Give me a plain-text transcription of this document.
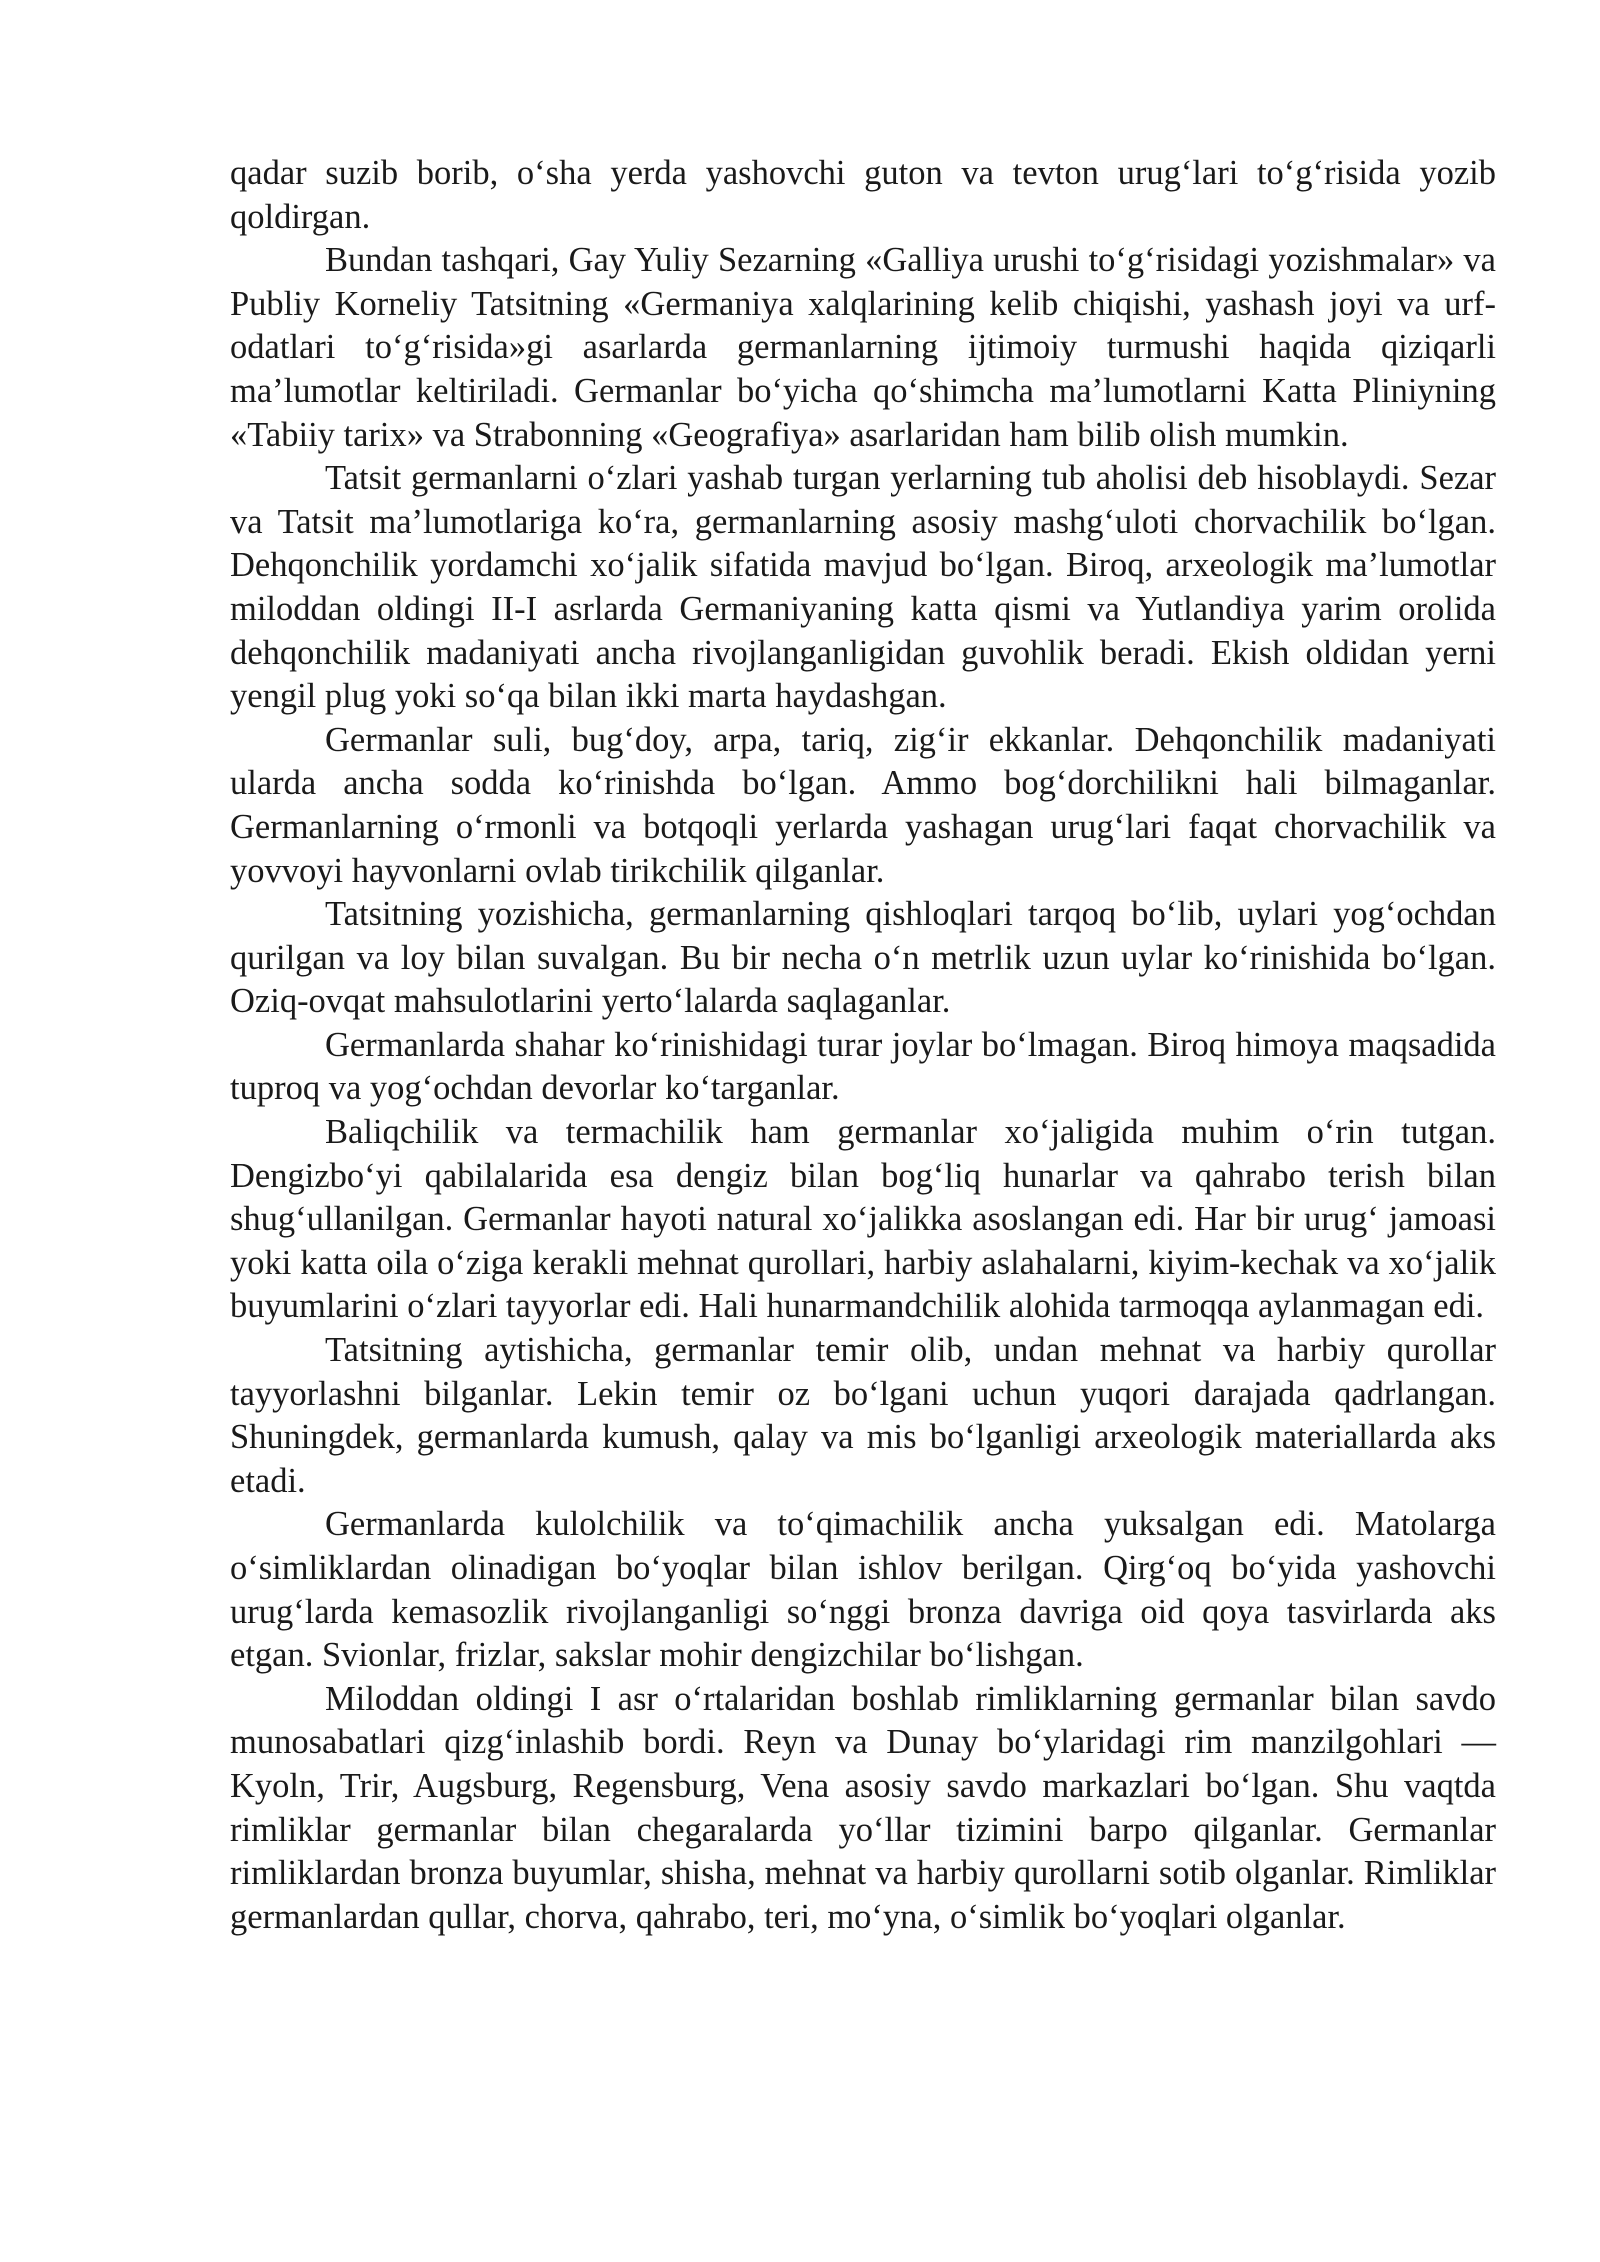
qadar suzib borib, o‘sha yerda yashovchi guton va tevton urug‘lari to‘g‘risida yozib qoldirgan.

Bundan tashqari, Gay Yuliy Sezarning «Galliya urushi to‘g‘risidagi yozishmalar» va Publiy Korneliy Tatsitning «Germaniya xalqlarining kelib chiqishi, yashash joyi va urf-odatlari to‘g‘risida»gi asarlarda germanlarning ijtimoiy turmushi haqida qiziqarli ma’lumotlar keltiriladi. Germanlar bo‘yicha qo‘shimcha ma’lumotlarni Katta Pliniyning «Tabiiy tarix» va Strabonning «Geografiya» asarlaridan ham bilib olish mumkin.

Tatsit germanlarni o‘zlari yashab turgan yerlarning tub aholisi deb hisoblaydi. Sezar va Tatsit ma’lumotlariga ko‘ra, germanlarning asosiy mashg‘uloti chorvachilik bo‘lgan. Dehqonchilik yordamchi xo‘jalik sifatida mavjud bo‘lgan. Biroq, arxeologik ma’lumotlar miloddan oldingi II-I asrlarda Germaniyaning katta qismi va Yutlandiya yarim orolida dehqonchilik madaniyati ancha rivojlanganligidan guvohlik beradi. Ekish oldidan yerni yengil plug yoki so‘qa bilan ikki marta haydashgan.

Germanlar suli, bug‘doy, arpa, tariq, zig‘ir ekkanlar. Dehqonchilik madaniyati ularda ancha sodda ko‘rinishda bo‘lgan. Ammo bog‘dorchilikni hali bilmaganlar. Germanlarning o‘rmonli va botqoqli yerlarda yashagan urug‘lari faqat chorvachilik va yovvoyi hayvonlarni ovlab tirikchilik qilganlar.

Tatsitning yozishicha, germanlarning qishloqlari tarqoq bo‘lib, uylari yog‘ochdan qurilgan va loy bilan suvalgan. Bu bir necha o‘n metrlik uzun uylar ko‘rinishida bo‘lgan. Oziq-ovqat mahsulotlarini yerto‘lalarda saqlaganlar.

Germanlarda shahar ko‘rinishidagi turar joylar bo‘lmagan. Biroq himoya maqsadida tuproq va yog‘ochdan devorlar ko‘targanlar.

Baliqchilik va termachilik ham germanlar xo‘jaligida muhim o‘rin tutgan. Dengizbo‘yi qabilalarida esa dengiz bilan bog‘liq hunarlar va qahrabo terish bilan shug‘ullanilgan. Germanlar hayoti natural xo‘jalikka asoslangan edi. Har bir urug‘ jamoasi yoki katta oila o‘ziga kerakli mehnat qurollari, harbiy aslahalarni, kiyim-kechak va xo‘jalik buyumlarini o‘zlari tayyorlar edi. Hali hunarmandchilik alohida tarmoqqa aylanmagan edi.

Tatsitning aytishicha, germanlar temir olib, undan mehnat va harbiy qurollar tayyorlashni bilganlar. Lekin temir oz bo‘lgani uchun yuqori darajada qadrlangan. Shuningdek, germanlarda kumush, qalay va mis bo‘lganligi arxeologik materiallarda aks etadi.

Germanlarda kulolchilik va to‘qimachilik ancha yuksalgan edi. Matolarga o‘simliklardan olinadigan bo‘yoqlar bilan ishlov berilgan. Qirg‘oq bo‘yida yashovchi urug‘larda kemasozlik rivojlanganligi so‘nggi bronza davriga oid qoya tasvirlarda aks etgan. Svionlar, frizlar, sakslar mohir dengizchilar bo‘lishgan.

Miloddan oldingi I asr o‘rtalaridan boshlab rimliklarning germanlar bilan savdo munosabatlari qizg‘inlashib bordi. Reyn va Dunay bo‘ylaridagi rim manzilgohlari — Kyoln, Trir, Augsburg, Regensburg, Vena asosiy savdo markazlari bo‘lgan. Shu vaqtda rimliklar germanlar bilan chegaralarda yo‘llar tizimini barpo qilganlar. Germanlar rimliklardan bronza buyumlar, shisha, mehnat va harbiy qurollarni sotib olganlar. Rimliklar germanlardan qullar, chorva, qahrabo, teri, mo‘yna, o‘simlik bo‘yoqlari olganlar.
